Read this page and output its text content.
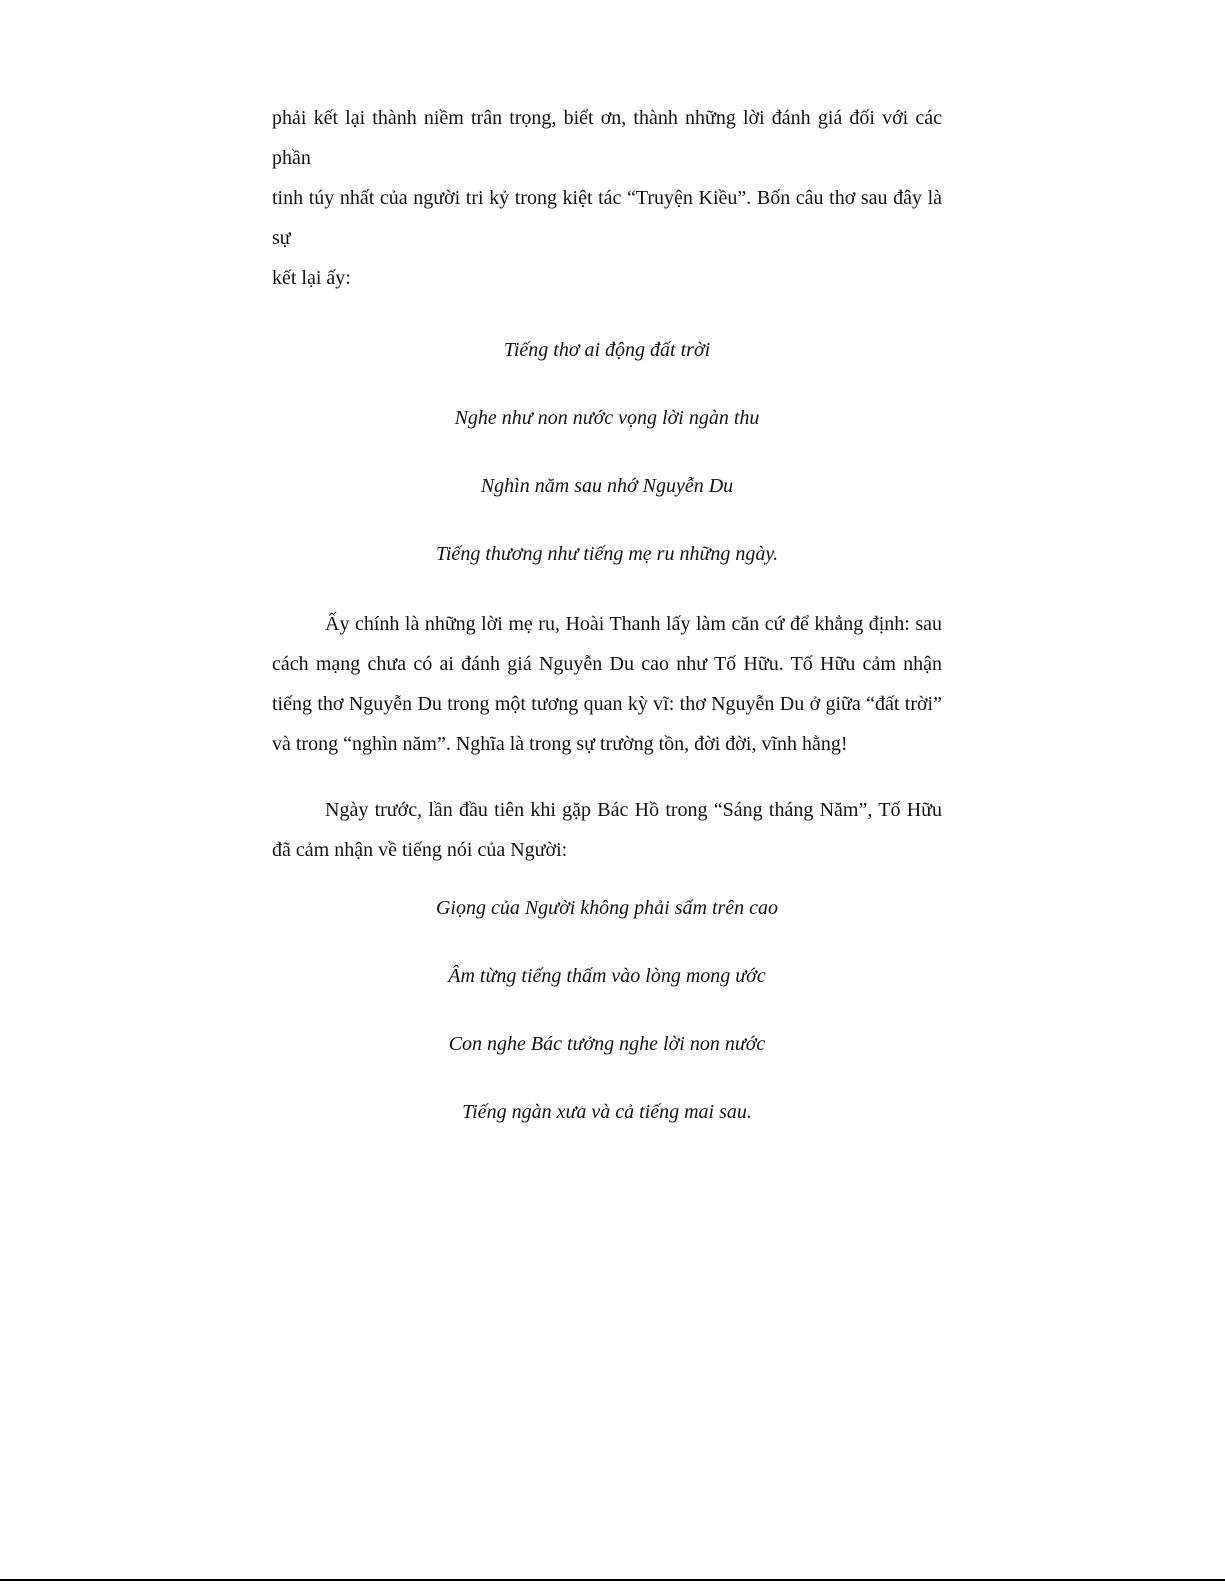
phải kết lại thành niềm trân trọng, biết ơn, thành những lời đánh giá đối với các phần
tinh túy nhất của người tri kỷ trong kiệt tác “Truyện Kiều”. Bốn câu thơ sau đây là sự
kết lại ấy:

Tiếng thơ ai động đất trời

Nghe như non nước vọng lời ngàn thu

Nghìn năm sau nhớ Nguyễn Du

Tiếng thương như tiếng mẹ ru những ngày.

Ấy chính là những lời mẹ ru, Hoài Thanh lấy làm căn cứ để khẳng định: sau cách mạng chưa có ai đánh giá Nguyễn Du cao như Tố Hữu. Tố Hữu cảm nhận tiếng thơ Nguyễn Du trong một tương quan kỳ vĩ: thơ Nguyễn Du ở giữa “đất trời” và trong “nghìn năm”. Nghĩa là trong sự trường tồn, đời đời, vĩnh hằng!

Ngày trước, lần đầu tiên khi gặp Bác Hồ trong “Sáng tháng Năm”, Tố Hữu đã cảm nhận về tiếng nói của Người:

Giọng của Người không phải sấm trên cao

Âm từng tiếng thấm vào lòng mong ước

Con nghe Bác tưởng nghe lời non nước

Tiếng ngàn xưa và cả tiếng mai sau.
